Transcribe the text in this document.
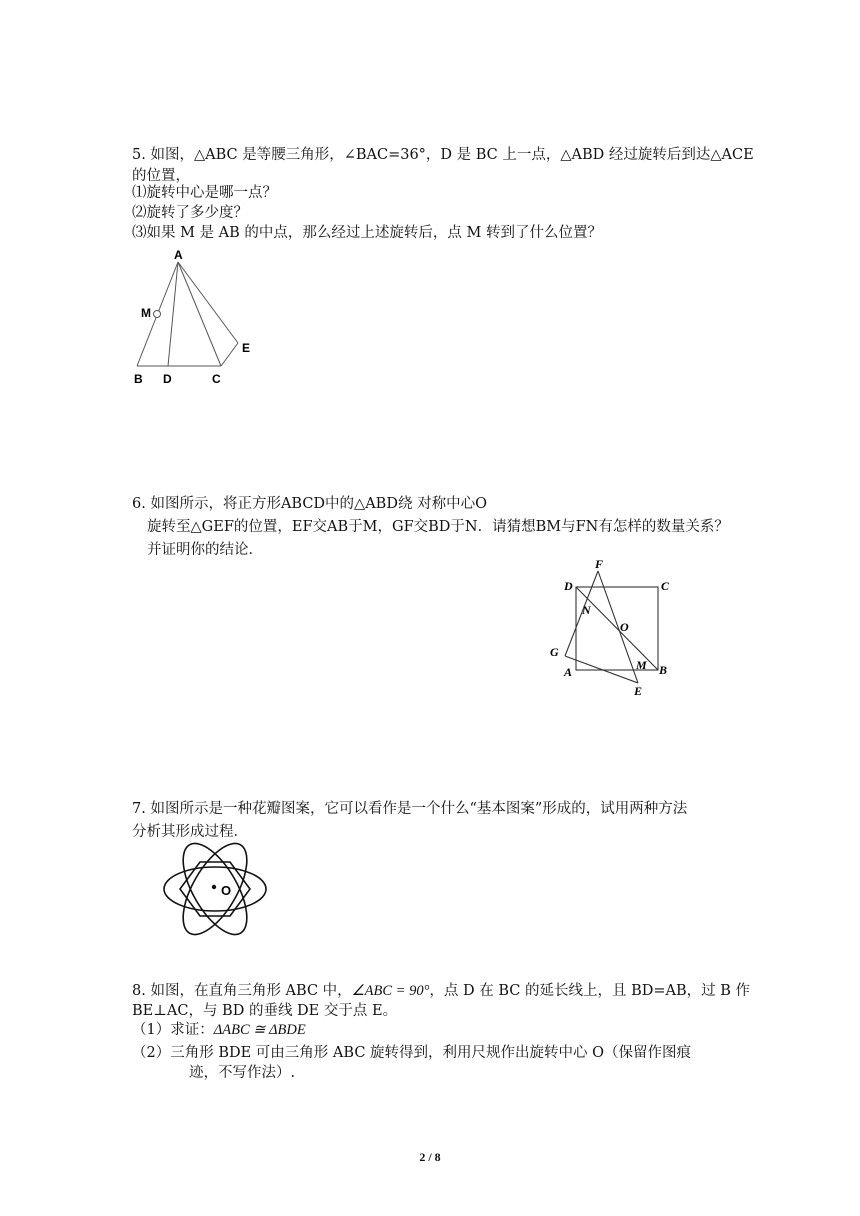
5. 如图，△ABC 是等腰三角形，∠BAC=36°，D 是 BC 上一点，△ABD 经过旋转后到达△ACE
的位置，
⑴旋转中心是哪一点？
⑵旋转了多少度？
⑶如果 M 是 AB 的中点，那么经过上述旋转后，点 M 转到了什么位置？
A
M
E
B D	C
6. 如图所示，将正方形ABCD中的△ABD绕 对称中心O
旋转至△GEF的位置，EF交AB于M，GF交BD于N．请猜想BM与FN有怎样的数量关系？
并证明你的结论．
D
F
C
N
O
G
A	M B
E
7. 如图所示是一种花瓣图案，它可以看作是一个什么“基本图案”形成的，试用两种方法
分析其形成过程．
O
8. 如图，在直角三角形 ABC 中，∠ABC = 90°，点 D 在 BC 的延长线上，且 BD=AB，过 B 作
BE⊥AC，与 BD 的垂线 DE 交于点 E。
（1）求证：ΔABC ≅ ΔBDE
（2）三角形 BDE 可由三角形 ABC 旋转得到，利用尺规作出旋转中心 O（保留作图痕
迹，不写作法）.
2 / 8
